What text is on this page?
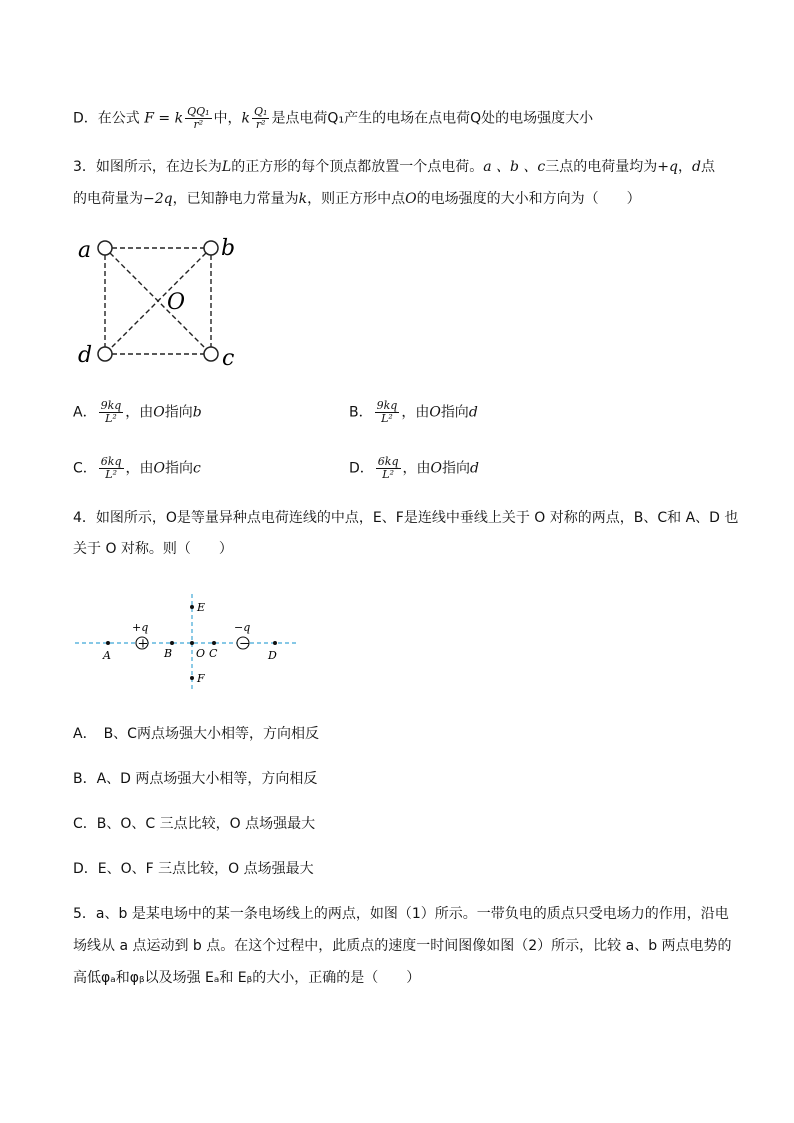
D．在公式 F = k $\frac{\text{QQ₁}}{\text{r²}}$ 中，k $\frac{\text{Q₁}}{\text{r²}}$ 是点电荷Q₁产生的电场在点电荷Q处的电场强度大小
3．如图所示，在边长为L的正方形的每个顶点都放置一个点电荷。a 、b 、c三点的电荷量均为+q，d点
的电荷量为−2q，已知静电力常量为k，则正方形中点O的电场强度的大小和方向为（　　）
a	b
d	c
O
A． $\frac{9kq}{\text{L²}}$ ，由O指向b	B． $\frac{9kq}{\text{L²}}$ ，由O指向d
C． $\frac{6kq}{\text{L²}}$ ，由O指向c	D． $\frac{6kq}{\text{L²}}$ ，由O指向d
4．如图所示，O是等量异种点电荷连线的中点，E、F是连线中垂线上关于 O 对称的两点，B、C和 A、D 也
关于 O 对称。则（　　）
+	−
+q	−q
E
F
A	B O C	D
A．　B、C两点场强大小相等，方向相反
B．A、D 两点场强大小相等，方向相反
C．B、O、C 三点比较，O 点场强最大
D．E、O、F 三点比较，O 点场强最大
5．a、b 是某电场中的某一条电场线上的两点，如图（1）所示。一带负电的质点只受电场力的作用，沿电
场线从 a 点运动到 b 点。在这个过程中，此质点的速度一时间图像如图（2）所示，比较 a、b 两点电势的
高低φₐ和φᵦ以及场强 Eₐ和 Eᵦ的大小，正确的是（　　）
